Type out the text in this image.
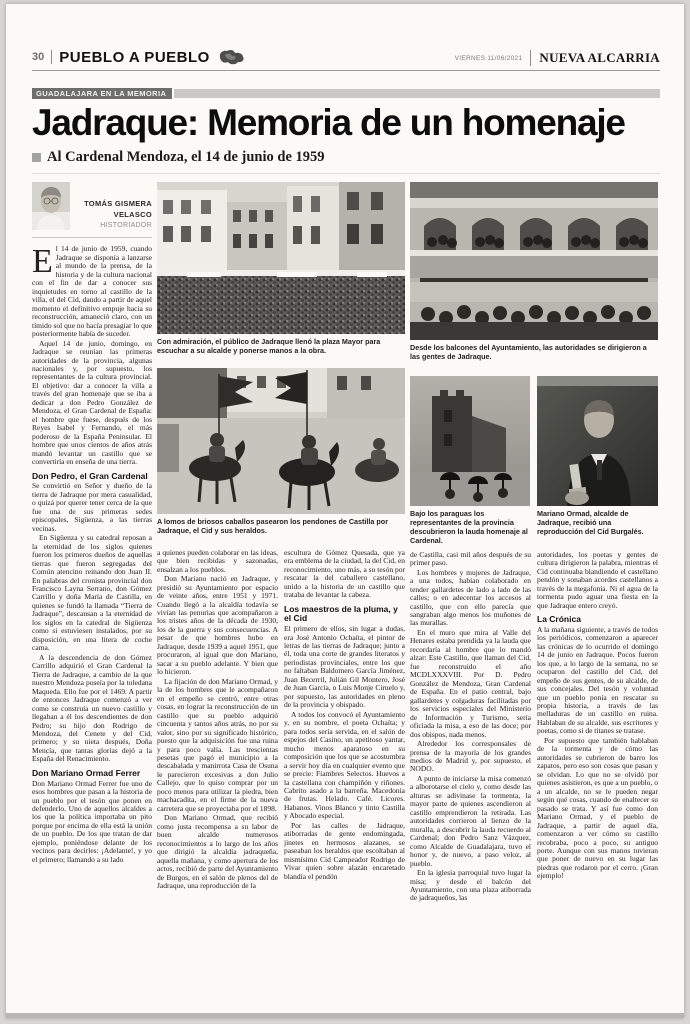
30 PUEBLO A PUEBLO	VIERNES 11/06/2021	NUEVA ALCARRIA
GUADALAJARA EN LA MEMORIA
Jadraque: Memoria de un homenaje
Al Cardenal Mendoza, el 14 de junio de 1959
TOMÁS GISMERA
VELASCO
HISTORIADOR

El 14 de junio de 1959, cuando Jadraque se disponía a lanzarse al mundo de la prensa, de la historia y de la cultura nacional con el fin de dar a conocer sus inquietudes en torno al castillo de la villa, el del Cid, dando a partir de aquel momento el definitivo empuje hacia su reconstrucción, amaneció claro, con un tímido sol que no hacía presagiar lo que posteriormente había de suceder.

Aquel 14 de junio, domingo, en Jadraque se reunían las primeras autoridades de la provincia, algunas nacionales y, por supuesto, los representantes de la cultura provincial. El objetivo: dar a conocer la villa a través del gran homenaje que se iba a dedicar a don Pedro González de Mendoza, el Gran Cardenal de España: el hombre que fuese, después de los Reyes Isabel y Fernando, el más poderoso de la España Peninsular. El hombre que unos cientos de años atrás mandó levantar un castillo que se convertiría en enseña de una tierra.

Don Pedro, el Gran Cardenal

Se convirtió en Señor y dueño de la tierra de Jadraque por mera casualidad, o quizá por querer tener cerca de la que fue una de sus primeras sedes episcopales, Sigüenza, a las tierras vecinas.

En Sigüenza y su catedral reposan a la eternidad de los siglos quienes fueron los primeros dueños de aquellas tierras que fueron segregadas del Común atencino reinando don Juan II. En palabras del cronista provincial don Francisco Layna Serrano, don Gómez Carrillo y doña María de Castilla, en quienes se fundó la llamada “Tierra de Jadraque”, descansan a la eternidad de los siglos en la catedral de Sigüenza como si estuviesen instalados, por su disposición, en una litera de coche cama.

A la descendencia de don Gómez Carrillo adquirió el Gran Cardenal la Tierra de Jadraque, a cambio de la que nuestro Mendoza poseía por la toledana Maqueda. Ello fue por el 1469. A partir de entonces Jadraque comenzó a ver como se construía un nuevo castillo y llegaban a él los descendientes de don Pedro; su hijo don Rodrigo de Mendoza, del Cenete y del Cid, primero; y su nieta después, Doña Mencía, que tantas glorias dejó a la España del Renacimiento.

Don Mariano Ormad Ferrer

Don Mariano Ormad Ferrer fue uno de esos hombres que pasan a la historia de un pueblo por el tesón que ponen en defenderlo. Uno de aquellos alcaldes a los que la política importaba un pito porque por encima de ella está la unión de un pueblo. De los que tratan de dar ejemplo, poniéndose delante de los vecinos para decirles: ¡Adelante!, y yo el primero; llamando a su lado

Con admiración, el público de Jadraque llenó la plaza Mayor para escuchar a su alcalde y ponerse manos a la obra.
A lomos de briosos caballos pasearon los pendones de Castilla por Jadraque, el Cid y sus heraldos.

a quienes pueden colaborar en las ideas, que bien recibidas y sazonadas, ensalzan a los pueblos.

Don Mariano nació en Jadraque, y presidió su Ayuntamiento por espacio de veinte años, entre 1951 y 1971. Cuando llegó a la alcaldía todavía se vivían las penurias que acompañaron a los tristes años de la década de 1930, los de la guerra y sus consecuencias. A pesar de que hombres hubo en Jadraque, desde 1939 a aquel 1951, que procuraron, al igual que don Mariano, sacar a su pueblo adelante. Y bien que lo hicieron.

La fijación de don Mariano Ormad, y la de los hombres que le acompañaron en el empeño se centró, entre otras cosas, en lograr la reconstrucción de un castillo que su pueblo adquirió cincuenta y tantos años atrás, no por su valor, sino por su significado histórico, puesto que la adquisición fue una ruina y para poco valía. Las trescientas pesetas que pagó el municipio a la descabalada y manirrota Casa de Osuna le parecieron excesivas a don Julio Callejo, que lo quiso comprar por un poco menos para utilizar la piedra, bien machacadita, en el firme de la nueva carretera que se proyectaba por el 1898.

Don Mariano Ormad, que recibió como justa recompensa a su labor de buen alcalde numerosos reconocimientos a lo largo de los años que dirigió la alcaldía jadraqueña, aquella mañana, y como apertura de los actos, recibió de parte del Ayuntamiento de Burgos, en el salón de plenos del de Jadraque, una reproducción de la

escultura de Gómez Quesada, que ya era emblema de la ciudad, la del Cid, en reconocimiento, uno más, a su tesón por rescatar la del caballero castellano, unido a la historia de un castillo que trataba de levantar la cabeza.

Los maestros de la pluma, y el Cid

El primero de ellos, sin lugar a dudas, era José Antonio Ochaíta, el pintor de letras de las tierras de Jadraque; junto a él, toda una corte de grandes literatos y periodistas provinciales, entre los que no faltaban Baldomero García Jiménez, Juan Becerril, Julián Gil Montero, José de Juan García, o Luis Monje Ciruelo y, por supuesto, las autoridades en pleno de la provincia y obispado.

A todos los convocó el Ayuntamiento y, en su nombre, el poeta Ochaíta; y para todos sería servida, en el salón de espejos del Casino, un apetitoso yantar, mucho menos aparatoso en su composición que los que se acostumbra a servir hoy día en cualquier evento que se precie: Fiambres Selectos. Huevos a la castellana con champiñón y riñones. Cabrito asado a la barreña. Macedonia de frutas. Helado. Café. Licores. Habanos. Vinos Blanco y tinto Castilla y Abocado especial.

Por las calles de Jadraque, atiborradas de gente endomingada, jinetes en hermosos alazanes, se paseaban los heraldos que escoltaban al mismísimo Cid Campeador Rodrigo de Vivar quien sobre alazán encaretado blandía el pendón

Desde los balcones del Ayuntamiento, las autoridades se dirigieron a las gentes de Jadraque.
Bajo los paraguas los representantes de la provincia descubrieron la lauda homenaje al Cardenal.
Mariano Ormad, alcalde de Jadraque, recibió una reproducción del Cid Burgalés.

de Castilla, casi mil años después de su primer paso.

Los hombres y mujeres de Jadraque, a una todos, habían colaborado en tender gallardetes de lado a lado de las calles; o en adecentar los accesos al castillo, que con ello parecía que sangraban algo menos los muñones de las murallas.

En el muro que mira al Valle del Henares estaba prendida ya la lauda que recordaría al hombre que lo mandó alzar: Este Castillo, que llaman del Cid, fue reconstruido el año MCDLXXXVIII. Por D. Pedro González de Mendoza, Gran Cardenal de España. En el patio central, bajo gallardetes y colgaduras facilitadas por los servicios especiales del Ministerio de Información y Turismo, sería oficiada la misa, a eso de las doce; por dos obispos, nada menos.

Alrededor los corresponsales de prensa de la mayoría de los grandes medios de Madrid y, por supuesto, el NODO.

A punto de iniciarse la misa comenzó a alborotarse el cielo y, como desde las alturas se adivinase la tormenta, la mayor parte de quienes ascendieron al castillo emprendieron la retirada. Las autoridades corrieron al lienzo de la muralla, a descubrir la lauda recuerdo al Cardenal; don Pedro Sanz Vázquez, como Alcalde de Guadalajara, tuvo el honor y, de nuevo, a paso veloz, al pueblo.

En la iglesia parroquial tuvo lugar la misa; y desde el balcón del Ayuntamiento, con una plaza atiborrada de jadraqueños, las

autoridades, los poetas y gentes de cultura dirigieron la palabra, mientras el Cid continuaba blandiendo el castellano pendón y sonaban acordes castellanos a través de la megafonía. Ni el agua de la tormenta pudo aguar una fiesta en la que Jadraque entero creyó.

La Crónica

A la mañana siguiente, a través de todos los periódicos, comenzaron a aparecer las crónicas de lo ocurrido el domingo 14 de junio en Jadraque. Pocos fueron los que, a lo largo de la semana, no se ocuparon del castillo del Cid, del empeño de sus gentes, de su alcalde, de sus concejales. Del tesón y voluntad que un pueblo ponía en rescatar su propia historia, a través de las melladuras de un castillo en ruina. Hablaban de su alcalde, sus escritores y poetas, como si de titanes se tratase.

Por supuesto que también hablaban de la tormenta y de cómo las autoridades se cubrieron de barro los zapatos, pero eso son cosas que pasan y se olvidan. Lo que no se olvidó por quienes asistieron, es que a un pueblo, o a un alcalde, no se le pueden negar según qué cosas, cuando de enaltecer su pasado se trata. Y así fue como don Mariano Ormad, y el pueblo de Jadraque, a partir de aquel día, comenzaron a ver cómo su castillo recobraba, poco a poco, su antiguo porte. Aunque con sus manos tuvieran que poner de nuevo en su lugar las piedras que rodaron por el cerro. ¡Gran ejemplo!
